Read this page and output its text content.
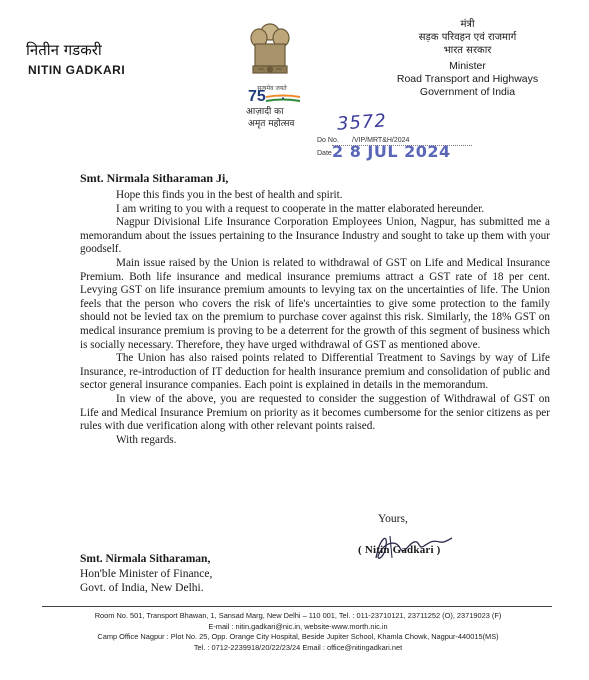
नितीन गडकरी
NITIN GADKARI
सत्यमेव जयते
75
आज़ादी का
अमृत महोत्सव
मंत्री
सड़क परिवहन एवं राजमार्ग
भारत सरकार
Minister
Road Transport and Highways
Government of India
3572
Do No. /VIP/MRT&H/2024
Date 2 8 JUL 2024
Smt. Nirmala Sitharaman Ji,

Hope this finds you in the best of health and spirit.

I am writing to you with a request to cooperate in the matter elaborated hereunder.

Nagpur Divisional Life Insurance Corporation Employees Union, Nagpur, has submitted me a memorandum about the issues pertaining to the Insurance Industry and sought to take up them with your goodself.

Main issue raised by the Union is related to withdrawal of GST on Life and Medical Insurance Premium. Both life insurance and medical insurance premiums attract a GST rate of 18 per cent. Levying GST on life insurance premium amounts to levying tax on the uncertainties of life. The Union feels that the person who covers the risk of life's uncertainties to give some protection to the family should not be levied tax on the premium to purchase cover against this risk. Similarly, the 18% GST on medical insurance premium is proving to be a deterrent for the growth of this segment of business which is socially necessary. Therefore, they have urged withdrawal of GST as mentioned above.

The Union has also raised points related to Differential Treatment to Savings by way of Life Insurance, re-introduction of IT deduction for health insurance premium and consolidation of public and sector general insurance companies. Each point is explained in details in the memorandum.

In view of the above, you are requested to consider the suggestion of Withdrawal of GST on Life and Medical Insurance Premium on priority as it becomes cumbersome for the senior citizens as per rules with due verification along with other relevant points raised.

With regards.

Yours,
( Nitin Gadkari )
Smt. Nirmala Sitharaman,
Hon'ble Minister of Finance,
Govt. of India, New Delhi.
Room No. 501, Transport Bhawan, 1, Sansad Marg, New Delhi – 110 001, Tel. : 011-23710121, 23711252 (O), 23719023 (F)
E-mail : nitin.gadkari@nic.in, website-www.morth.nic.in
Camp Office Nagpur : Plot No. 25, Opp. Orange City Hospital, Beside Jupiter School, Khamla Chowk, Nagpur-440015(MS)
Tel. : 0712-2239918/20/22/23/24 Email : office@nitingadkari.net
